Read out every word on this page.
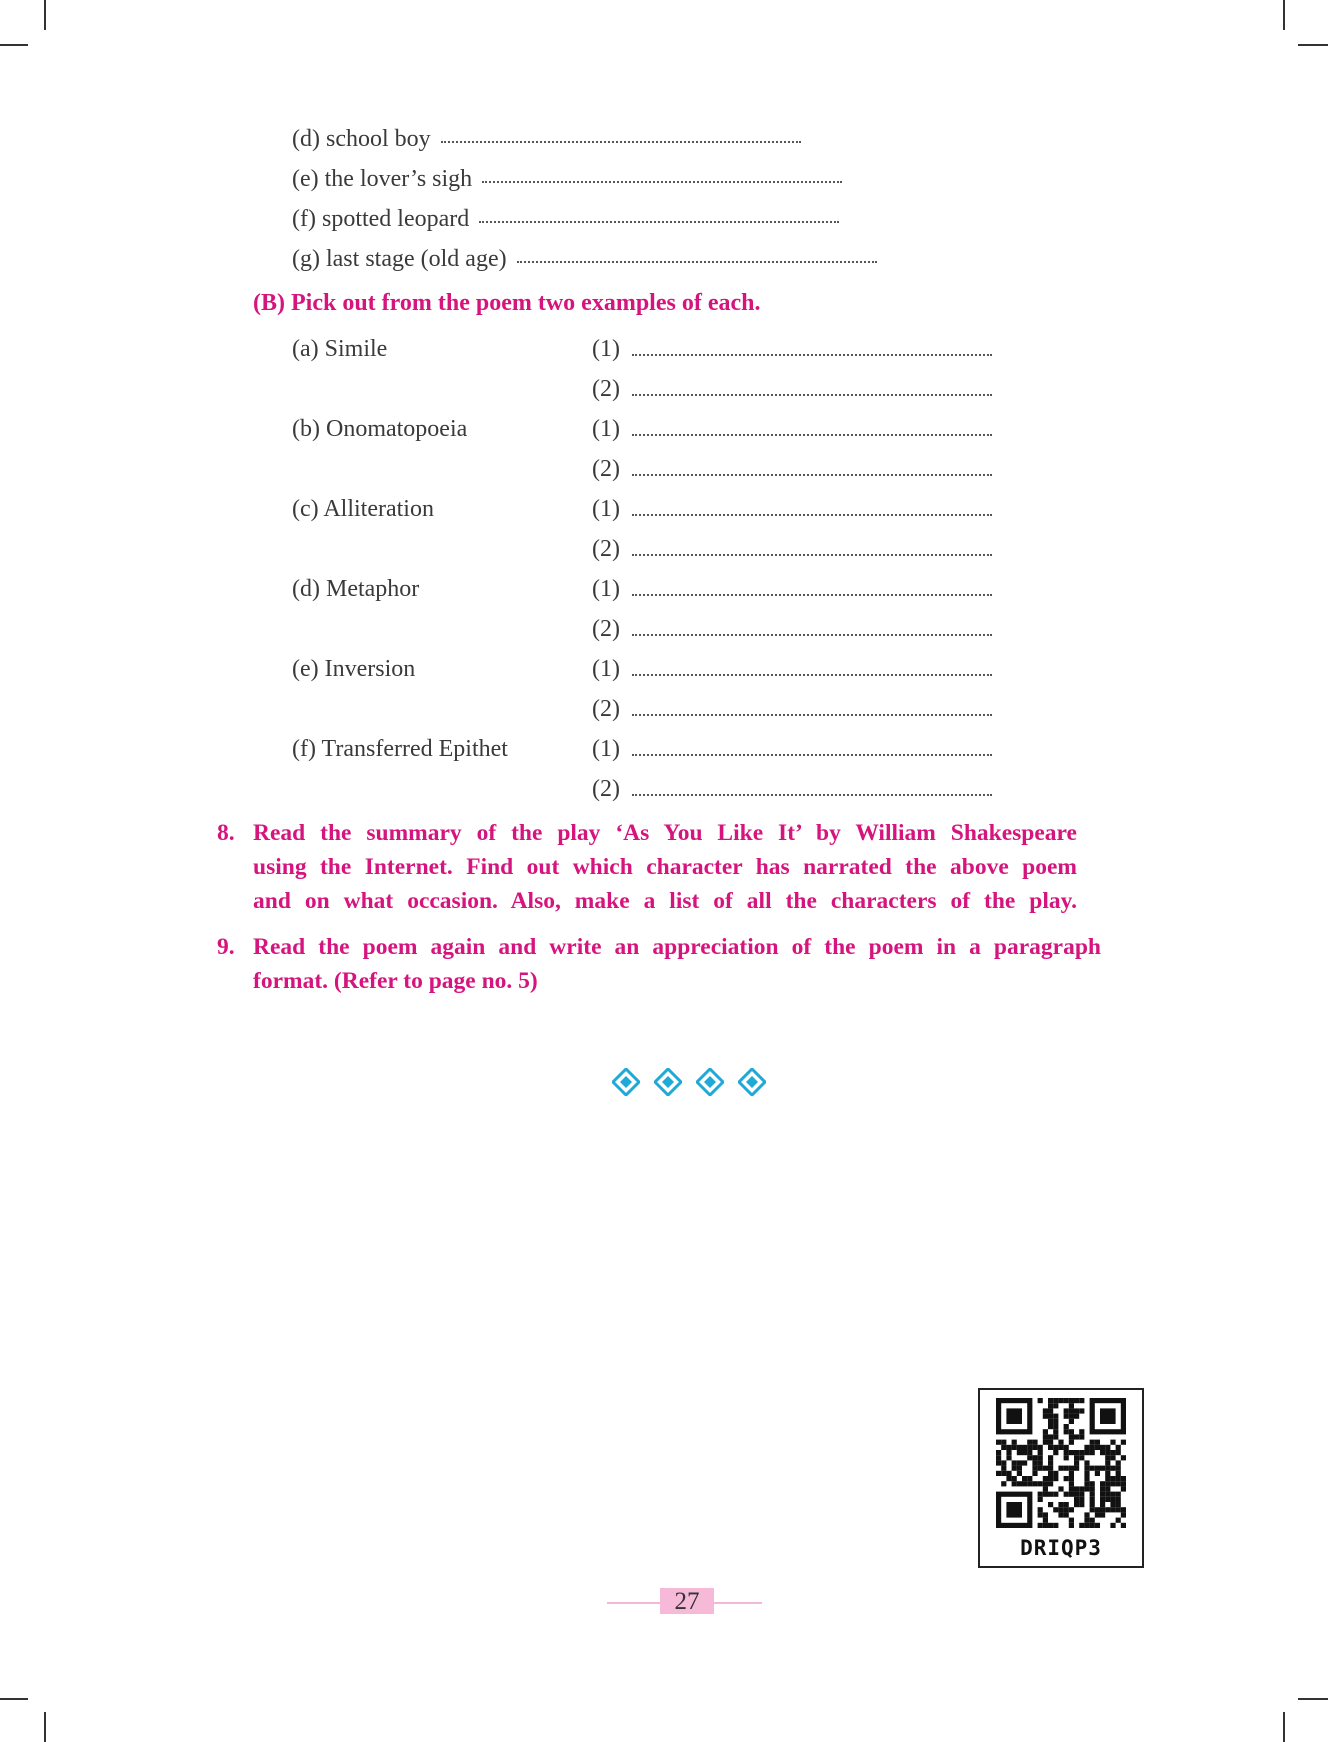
(d) school boy
(e) the lover’s sigh
(f) spotted leopard
(g) last stage (old age)
(B) Pick out from the poem two examples of each.
(a) Simile	(1)
(2)
(b) Onomatopoeia	(1)
(2)
(c) Alliteration	(1)
(2)
(d) Metaphor	(1)
(2)
(e) Inversion	(1)
(2)
(f) Transferred Epithet	(1)
(2)
8. Read the summary of the play ‘As You Like It’ by William Shakespeare
using the Internet. Find out which character has narrated the above poem
and on what occasion. Also, make a list of all the characters of the play.
9. Read the poem again and write an appreciation of the poem in a paragraph
format. (Refer to page no. 5)
DRIQP3
27
